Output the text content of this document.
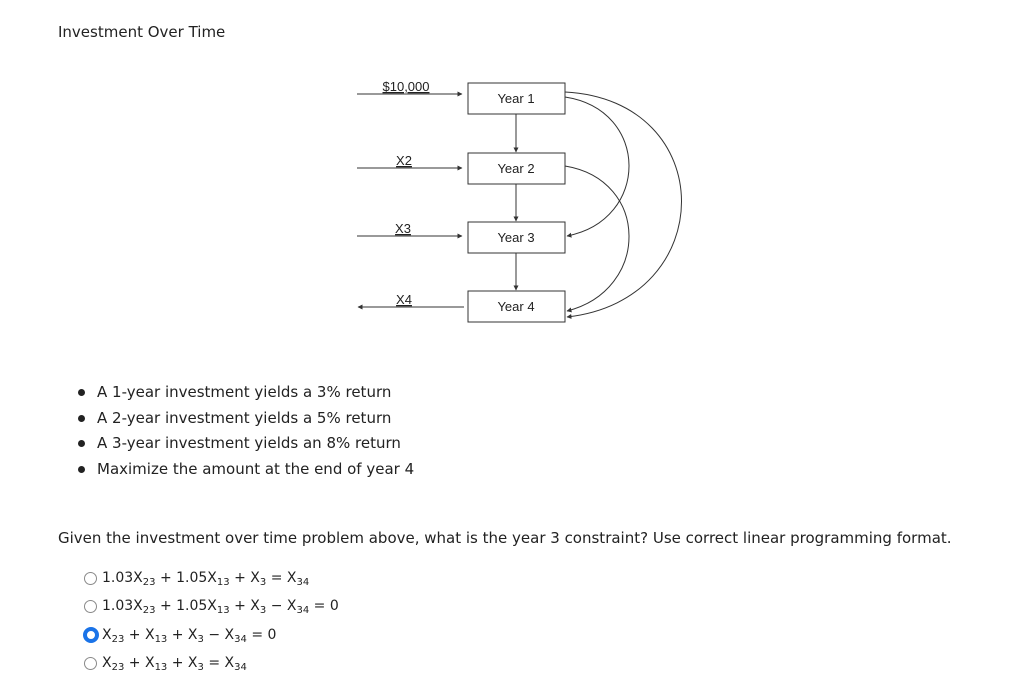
Investment Over Time
$10,000
X2
X3
X4
Year 1
Year 2
Year 3
Year 4
A 1-year investment yields a 3% return
A 2-year investment yields a 5% return
A 3-year investment yields an 8% return
Maximize the amount at the end of year 4
Given the investment over time problem above, what is the year 3 constraint? Use correct linear programming format.
$1.03X_{23} + 1.05X_{13} + X_3 = X_{34}$
$1.03X_{23} + 1.05X_{13} + X_3 - X_{34} = 0$
$X_{23} + X_{13} + X_3 - X_{34} = 0$
$X_{23} + X_{13} + X_3 = X_{34}$
